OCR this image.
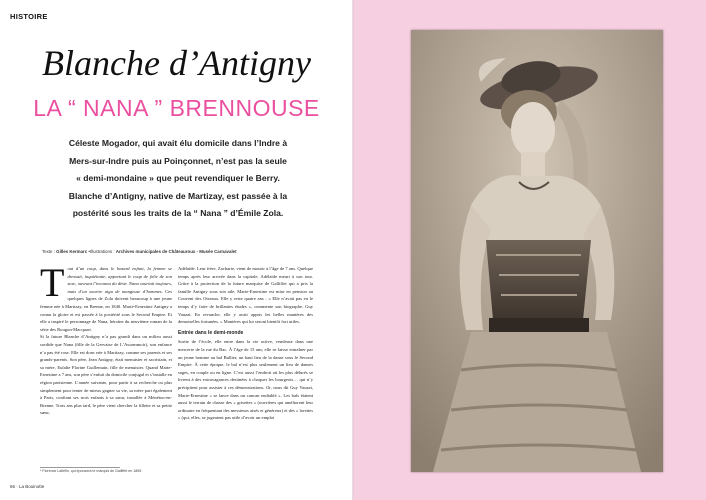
HISTOIRE
Blanche d’Antigny
LA “ NANA ” BRENNOUSE
Céleste Mogador, qui avait élu domicile dans l’Indre à
Mers-sur-Indre puis au Poinçonnet, n’est pas la seule
« demi-mondaine » que peut revendiquer le Berry.
Blanche d’Antigny, native de Martizay, est passée à la
postérité sous les traits de la “ Nana ” d’Émile Zola.
Texte : Gilles Kermarc •Illustrations : Archives municipales de Châteauroux - Musée Carnavalet

Tout d’un coup, dans le hasard enfant, la femme se dressait, inquiétante, apportant le coup de folie de son sexe, ouvrant l’inconnu du désir. Nana souriait toujours, mais d’un sourire aigu de mangeuse d’hommes. Ces quelques lignes de Zola doivent beaucoup à une jeune femme née à Martizay, en Brenne, en 1840. Marie-Ernestine Antigny a connu la gloire et est passée à la postérité sous le Second Empire. Et elle a inspiré le personnage de Nana, héroïne du neuvième roman de la série des Rougon-Macquart.

Si la future Blanche d’Antigny n’a pas grandi dans un milieu aussi sordide que Nana (fille de la Gervaise de L’Assommoir), son enfance n’a pas été rose. Elle est donc née à Martizay, comme ses parents et ses grands-parents. Son père, Jean Antigny, était menuisier et sacristain, et sa mère, Eulalie Florine Guillemain, fille de menuisier. Quand Marie-Ernestine a 7 ans, son père s’enfuit du domicile conjugal et s’installe en région parisienne. L’année suivante, pour partir à sa recherche ou plus simplement pour tenter de mieux gagner sa vie, sa mère part également à Paris, confiant ses trois enfants à sa sœur, installée à Ménétou-en-Brenne. Trois ans plus tard, le père vient chercher la fillette et sa petite sœur,

Adélaïde. Leur frère, Zacharie, vient de mourir à l’âge de 7 ans. Quelque temps après leur arrivée dans la capitale, Adélaïde meurt à son tour. Grâce à la protection de la future marquise de Galliffet qui a pris la famille Antigny sous son aile, Marie-Ernestine est mise en pension au Couvent des Oiseaux. Elle y reste quatre ans : « Elle n’avait pas eu le temps d’y faire de brillantes études », commente son biographe, Guy Vauzat. En revanche, elle y avait appris les belles manières des demoiselles fortunées. » Manières qui lui seront bientôt fort utiles.

Entrée dans le demi-monde

Sortie de l’école, elle entre dans la vie active, vendeuse dans une mercerie de la rue du Bac. À l’âge de 15 ans, elle se laisse entraîner par un jeune homme au bal Bullier, un haut lieu de la danse sous le Second Empire. À cette époque, le bal n’est plus seulement un lieu de danses sages, en couple ou en ligne. C’est aussi l’endroit où les plus délurés se livrent à des extravagances destinées à choquer les bourgeois… qui n’y précipitent pour assister à ces démonstrations. Or, nous dit Guy Vauzat, Marie-Ernestine « se lance dans un cancan endiablé ». Les bals étaient aussi le terrain de chasse des « grisettes » (ouvrières qui améliorent leur ordinaire en fréquentant des messieurs aisés et généreux) et des « lorettes » (qui, elles, se jugeaient pas utile d’avoir un emploi

* Florence Lalléfin, qui épousera le marquis de Galliffet en 1859.
66 · La Bouinotte
